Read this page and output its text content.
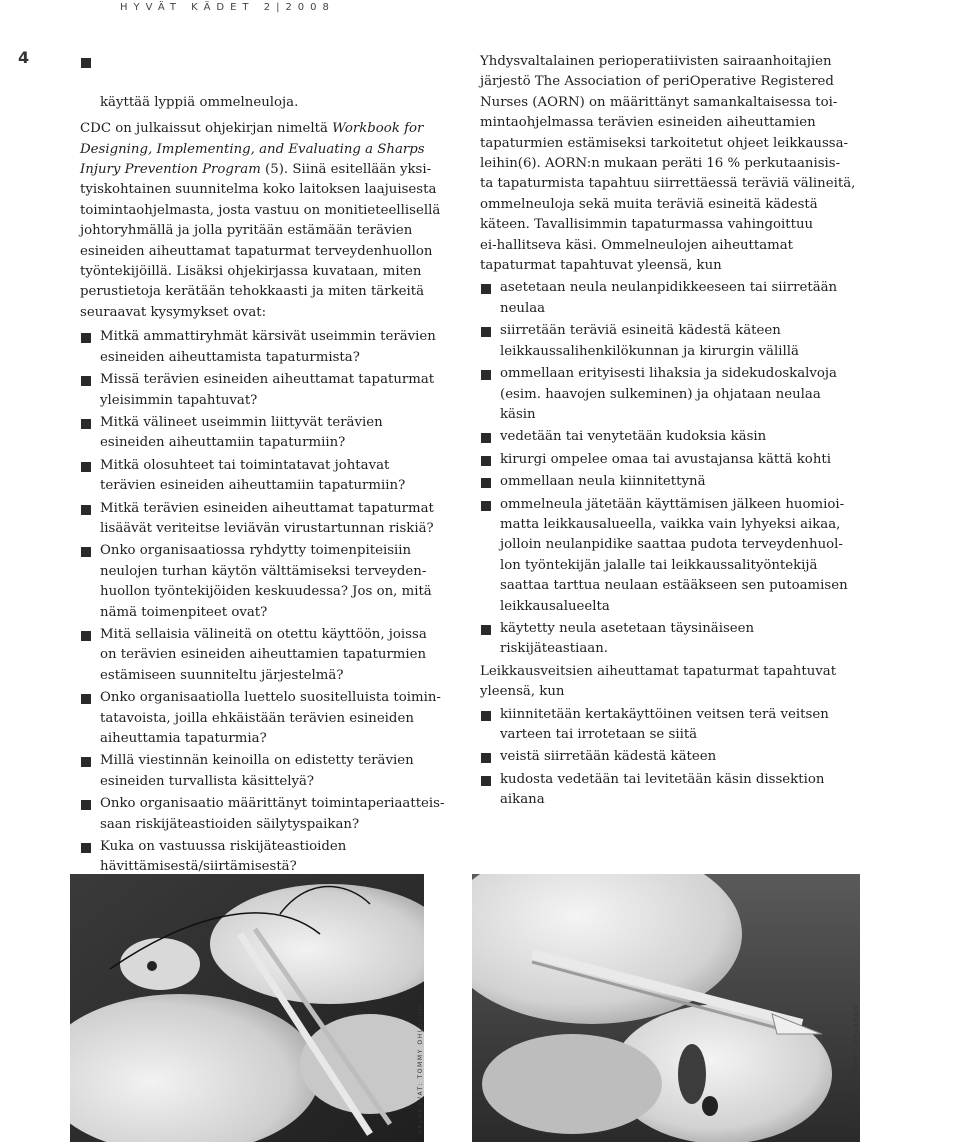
HYVÄT KÄDET 2|2008
4

käyttää lyppiä ommelneuloja.

CDC on julkaissut ohjekirjan nimeltä Workbook for
Designing, Implementing, and Evaluating a Sharps
Injury Prevention Program (5). Siinä esitellään yksi-
tyiskohtainen suunnitelma koko laitoksen laajuisesta
toimintaohjelmasta, josta vastuu on monitieteellisellä
johtoryhmällä ja jolla pyritään estämään terävien
esineiden aiheuttamat tapaturmat terveydenhuollon
työntekijöillä. Lisäksi ohjekirjassa kuvataan, miten
perustietoja kerätään tehokkaasti ja miten tärkeitä
seuraavat kysymykset ovat:

Mitkä ammattiryhmät kärsivät useimmin terävien
esineiden aiheuttamista tapaturmista?
Missä terävien esineiden aiheuttamat tapaturmat
yleisimmin tapahtuvat?
Mitkä välineet useimmin liittyvät terävien
esineiden aiheuttamiin tapaturmiin?
Mitkä olosuhteet tai toimintatavat johtavat
terävien esineiden aiheuttamiin tapaturmiin?
Mitkä terävien esineiden aiheuttamat tapaturmat
lisäävät veriteitse leviävän virustartunnan riskiä?
Onko organisaatiossa ryhdytty toimenpiteisiin
neulojen turhan käytön välttämiseksi terveyden-
huollon työntekijöiden keskuudessa? Jos on, mitä
nämä toimenpiteet ovat?
Mitä sellaisia välineitä on otettu käyttöön, joissa
on terävien esineiden aiheuttamien tapaturmien
estämiseen suunniteltu järjestelmä?
Onko organisaatiolla luettelo suositelluista toimin-
tatavoista, joilla ehkäistään terävien esineiden
aiheuttamia tapaturmia?
Millä viestinnän keinoilla on edistetty terävien
esineiden turvallista käsittelyä?
Onko organisaatio määrittänyt toimintaperiaatteis-
saan riskijäteastioiden säilytyspaikan?
Kuka on vastuussa riskijäteastioiden
hävittämisestä/siirtämisestä?

Yhdysvaltalainen perioperatiivisten sairaanhoitajien
järjestö The Association of periOperative Registered
Nurses (AORN) on määrittänyt samankaltaisessa toi-
mintaohjelmassa terävien esineiden aiheuttamien
tapaturmien estämiseksi tarkoitetut ohjeet leikkaussa-
leihin(6). AORN:n mukaan peräti 16 % perkutaanisis-
ta tapaturmista tapahtuu siirrettäessä teräviä välineitä,
ommelneuloja sekä muita teräviä esineitä kädestä
käteen. Tavallisimmin tapaturmassa vahingoittuu
ei-hallitseva käsi. Ommelneulojen aiheuttamat
tapaturmat tapahtuvat yleensä, kun

asetetaan neula neulanpidikkeeseen tai siirretään
neulaa
siirretään teräviä esineitä kädestä käteen
leikkaussalihenkilökunnan ja kirurgin välillä
ommellaan erityisesti lihaksia ja sidekudoskalvoja
(esim. haavojen sulkeminen) ja ohjataan neulaa
käsin
vedetään tai venytetään kudoksia käsin
kirurgi ompelee omaa tai avustajansa kättä kohti
ommellaan neula kiinnitettynä
ommelneula jätetään käyttämisen jälkeen huomioi-
matta leikkausalueella, vaikka vain lyhyeksi aikaa,
jolloin neulanpidike saattaa pudota terveydenhuol-
lon työntekijän jalalle tai leikkaussalityöntekijä
saattaa tarttua neulaan estääkseen sen putoamisen
leikkausalueelta
käytetty neula asetetaan täysinäiseen
riskijäteastiaan.

Leikkausveitsien aiheuttamat tapaturmat tapahtuvat
yleensä, kun

kiinnitetään kertakäyttöinen veitsen terä veitsen
varteen tai irrotetaan se siitä
veistä siirretään kädestä käteen
kudosta vedetään tai levitetään käsin dissektion
aikana
VALOKUVAT: TOMMY OHLSSON	VALOKUVAT: TOMMY OHLSSON
